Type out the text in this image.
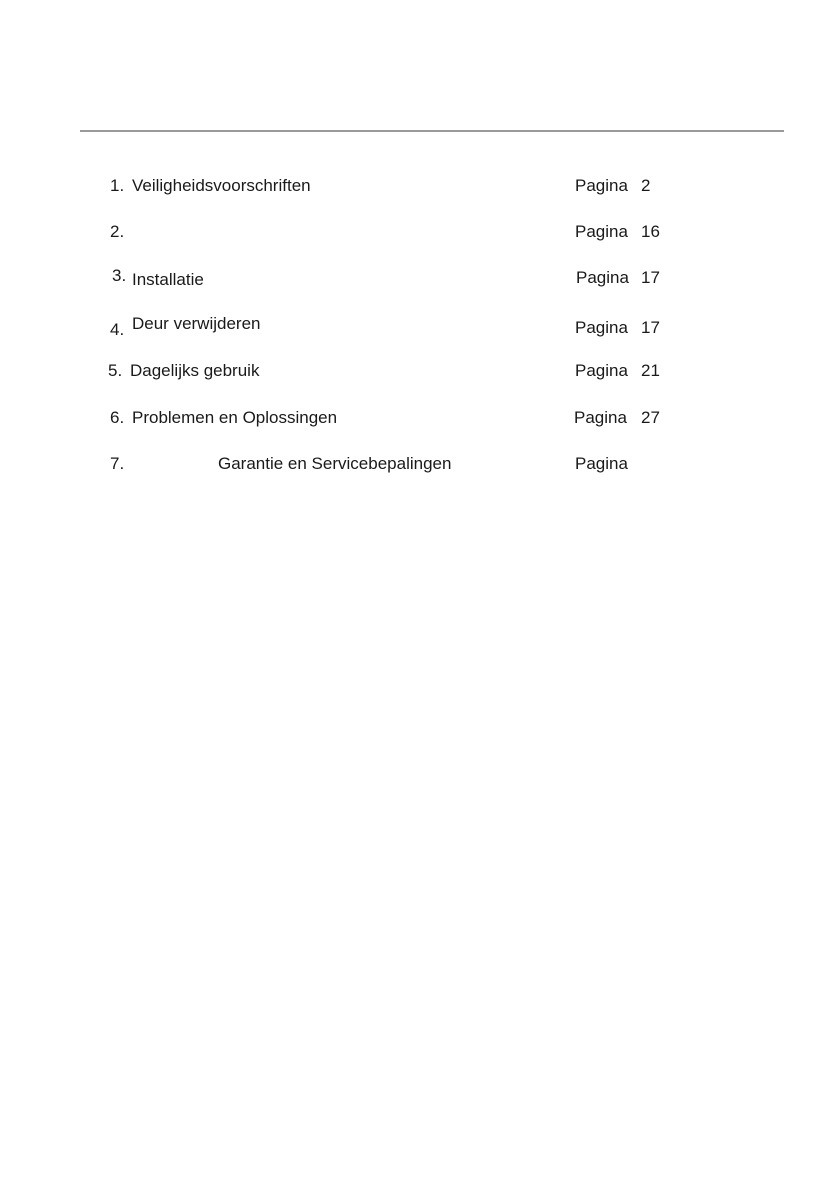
1. Veiligheidsvoorschriften	Pagina 2
2.	Pagina 16
3. Installatie	Pagina 17
4. Deur verwijderen	Pagina 17
5. Dagelijks gebruik	Pagina 21
6. Problemen en Oplossingen	Pagina 27
7.	Garantie en Servicebepalingen	Pagina
